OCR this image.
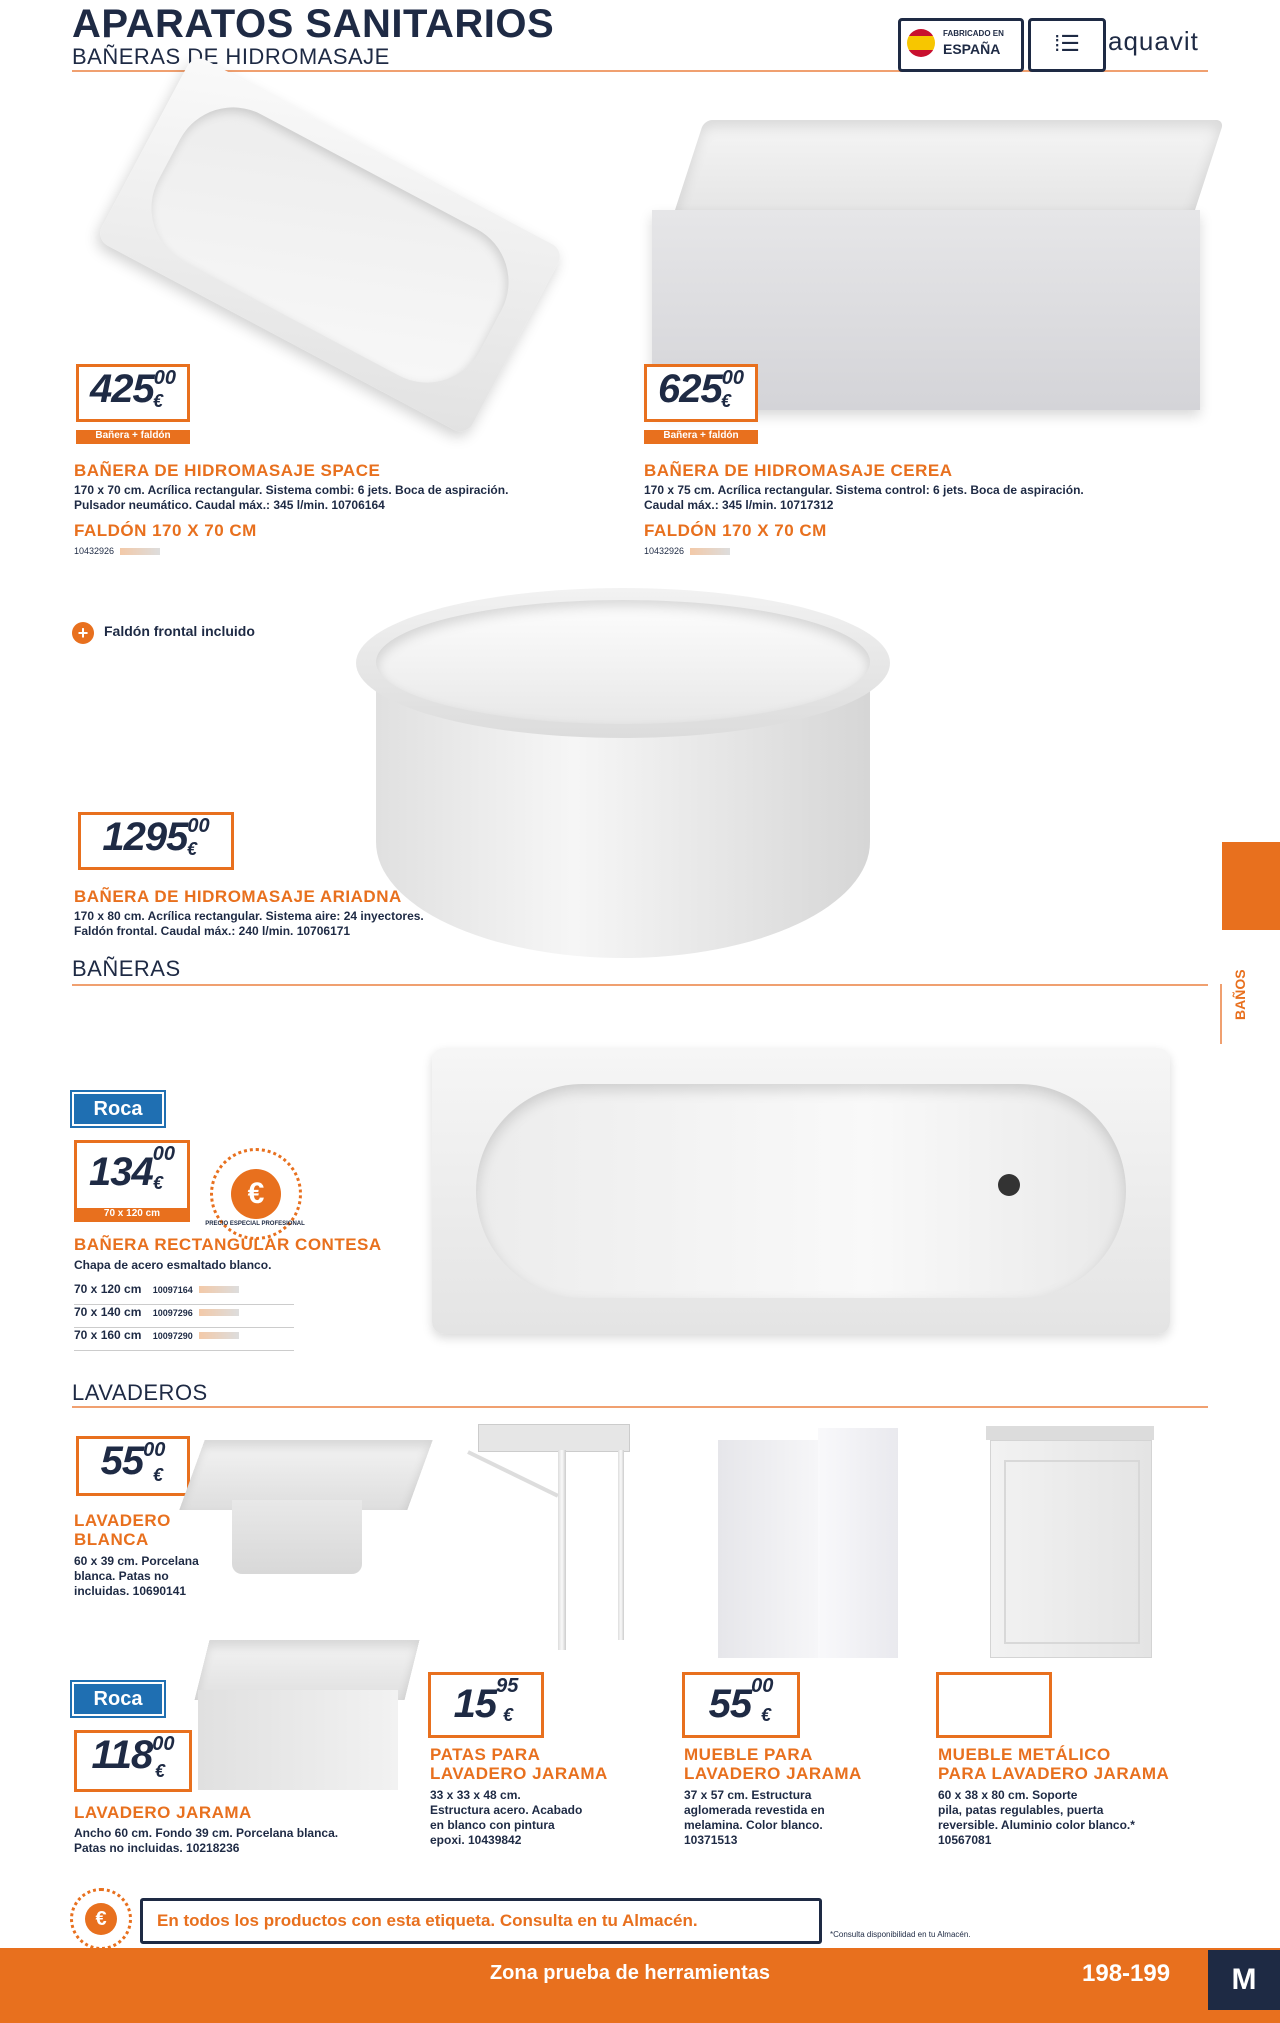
APARATOS SANITARIOS
BAÑERAS DE HIDROMASAJE
FABRICADO EN
ESPAÑA	⁞☰	aquavit
42500
€
Bañera + faldón
BAÑERA DE HIDROMASAJE SPACE
170 x 70 cm. Acrílica rectangular. Sistema combi: 6 jets. Boca de aspiración.
Pulsador neumático. Caudal máx.: 345 l/min. 10706164
FALDÓN 170 X 70 CM
10432926
62500
€
Bañera + faldón
BAÑERA DE HIDROMASAJE CEREA
170 x 75 cm. Acrílica rectangular. Sistema control: 6 jets. Boca de aspiración.
Caudal máx.: 345 l/min. 10717312
FALDÓN 170 X 70 CM
10432926
+	Faldón frontal incluido
129500
€
BAÑERA DE HIDROMASAJE ARIADNA
170 x 80 cm. Acrílica rectangular. Sistema aire: 24 inyectores.
Faldón frontal. Caudal máx.: 240 l/min. 10706171
BAÑERAS
Roca
13400
€
70 x 120 cm
€
PRECIO ESPECIAL PROFESIONAL
BAÑERA RECTANGULAR CONTESA
Chapa de acero esmaltado blanco.
70 x 120 cm 10097164
70 x 140 cm 10097296
70 x 160 cm 10097290
BAÑOS
LAVADEROS
5500
€
LAVADERO
BLANCA
60 x 39 cm. Porcelana
blanca. Patas no
incluidas. 10690141
Roca
11800
€
LAVADERO JARAMA
Ancho 60 cm. Fondo 39 cm. Porcelana blanca.
Patas no incluidas. 10218236
1595
€
PATAS PARA
LAVADERO JARAMA
33 x 33 x 48 cm.
Estructura acero. Acabado
en blanco con pintura
epoxi. 10439842
5500
€
MUEBLE PARA
LAVADERO JARAMA
37 x 57 cm. Estructura
aglomerada revestida en
melamina. Color blanco.
10371513
MUEBLE METÁLICO
PARA LAVADERO JARAMA
60 x 38 x 80 cm. Soporte
pila, patas regulables, puerta
reversible. Aluminio color blanco.*
10567081
€	En todos los productos con esta etiqueta. Consulta en tu Almacén.
*Consulta disponibilidad en tu Almacén.
Zona prueba de herramientas	198-199	M
